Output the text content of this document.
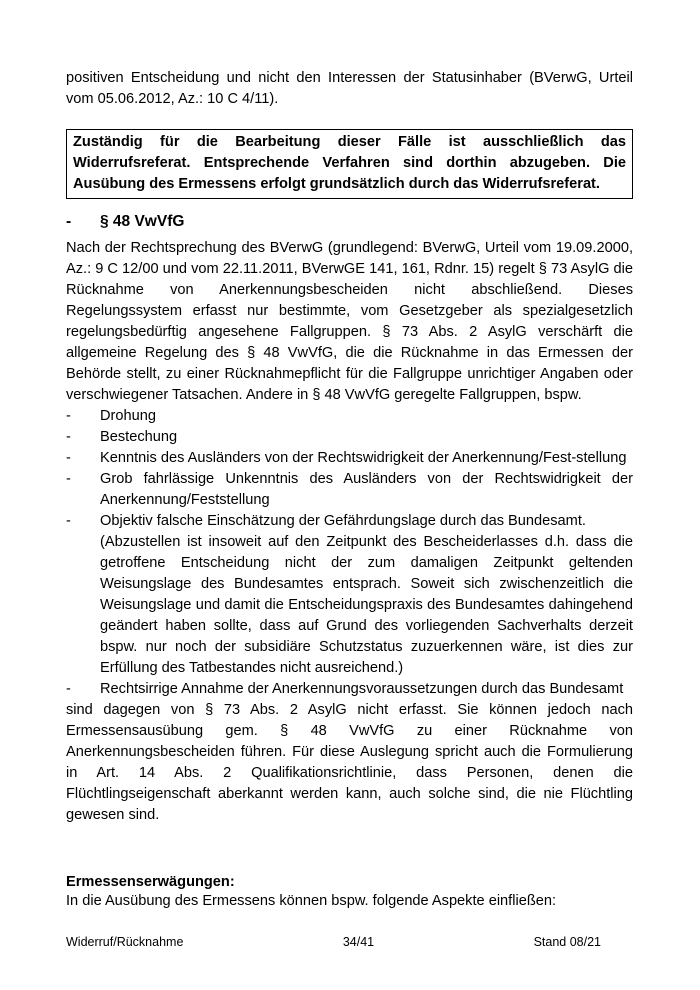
positiven Entscheidung und nicht den Interessen der Statusinhaber (BVerwG, Urteil vom 05.06.2012, Az.: 10 C 4/11).

Zuständig für die Bearbeitung dieser Fälle ist ausschließlich das Widerrufsreferat. Entsprechende Verfahren sind dorthin abzugeben. Die Ausübung des Ermessens erfolgt grundsätzlich durch das Widerrufsreferat.
- § 48 VwVfG

Nach der Rechtsprechung des BVerwG (grundlegend: BVerwG, Urteil vom 19.09.2000, Az.: 9 C 12/00 und vom 22.11.2011, BVerwGE 141, 161, Rdnr. 15) regelt § 73 AsylG die Rücknahme von Anerkennungsbescheiden nicht abschließend. Dieses Regelungssystem erfasst nur bestimmte, vom Gesetzgeber als spezialgesetzlich regelungsbedürftig angesehene Fallgruppen. § 73 Abs. 2 AsylG verschärft die allgemeine Regelung des § 48 VwVfG, die die Rücknahme in das Ermessen der Behörde stellt, zu einer Rücknahmepflicht für die Fallgruppe unrichtiger Angaben oder verschwiegener Tatsachen. Andere in § 48 VwVfG geregelte Fallgruppen, bspw.

-	Drohung
-	Bestechung
-	Kenntnis des Ausländers von der Rechtswidrigkeit der Anerkennung/Fest-stellung
-	Grob fahrlässige Unkenntnis des Ausländers von der Rechtswidrigkeit der Anerkennung/Feststellung
-	Objektiv falsche Einschätzung der Gefährdungslage durch das Bundesamt.

(Abzustellen ist insoweit auf den Zeitpunkt des Bescheiderlasses d.h. dass die getroffene Entscheidung nicht der zum damaligen Zeitpunkt geltenden Weisungslage des Bundesamtes entsprach. Soweit sich zwischenzeitlich die Weisungslage und damit die Entscheidungspraxis des Bundesamtes dahingehend geändert haben sollte, dass auf Grund des vorliegenden Sachverhalts derzeit bspw. nur noch der subsidiäre Schutzstatus zuzuerkennen wäre, ist dies zur Erfüllung des Tatbestandes nicht ausreichend.)

-	Rechtsirrige Annahme der Anerkennungsvoraussetzungen durch das Bundesamt

sind dagegen von § 73 Abs. 2 AsylG nicht erfasst. Sie können jedoch nach Ermessensausübung gem. § 48 VwVfG zu einer Rücknahme von Anerkennungsbescheiden führen. Für diese Auslegung spricht auch die Formulierung in Art. 14 Abs. 2 Qualifikationsrichtlinie, dass Personen, denen die Flüchtlingseigenschaft aberkannt werden kann, auch solche sind, die nie Flüchtling gewesen sind.

Ermessenserwägungen:

In die Ausübung des Ermessens können bspw. folgende Aspekte einfließen:

Widerruf/Rücknahme	34/41	Stand 08/21
